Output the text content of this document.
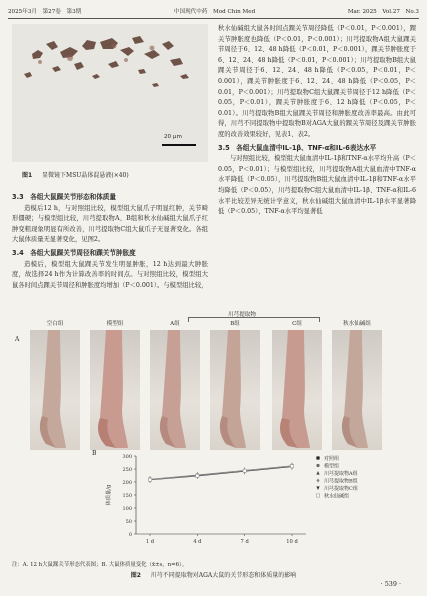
2025年3月　第27卷　第3期	中国现代中药　Mod Chin Med	Mar. 2025　Vol.27　No.3
20 μm
图1 　 显微镜下MSU晶体混悬液(×40)
3.3　各组大鼠踝关节形态和体质量

造模后12 h，与对照组比较，模型组大鼠爪子明显红肿，关节畸形僵硬；与模型组比较，川芎提取物A、B组和秋水仙碱组大鼠爪子红肿变粗现象明显有所改善，川芎提取物C组大鼠爪子无显著变化。各组大鼠体质量无显著变化，见图2。

3.4　各组大鼠踝关节周径和踝关节肿胀度

造模后，模型组大鼠踝关节发生明显肿胀，12 h达到最大肿胀度，故选择24 h作为计算改善率的时间点。与对照组比较，模型组大鼠各时间点踝关节周径和肿胀度均增加（P＜0.001）。与模型组比较，

秋水仙碱组大鼠各时间点踝关节周径降低（P＜0.01，P＜0.001），踝关节肿胀度也降低（P＜0.01，P＜0.001）；川芎提取物A组大鼠踝关节周径于6、12、48 h降低（P＜0.01，P＜0.001），踝关节肿胀度于6、12、24、48 h降低（P＜0.01，P＜0.001）；川芎提取物B组大鼠踝关节周径于6、12、24、48 h降低（P＜0.05，P＜0.01，P＜0.001），踝关节肿胀度于6、12、24、48 h降低（P＜0.05，P＜0.01，P＜0.001）；川芎提取物C组大鼠踝关节周径于12 h降低（P＜0.05，P＜0.01），踝关节肿胀度于6、12 h降低（P＜0.05，P＜0.01）。川芎提取物B组大鼠踝关节周径和肿胀度改善率最高。由此可得，川芎不同提取物中提取物B对AGA大鼠的踝关节周径及踝关节肿胀度的改善效果较好，见表1、表2。

3.5　各组大鼠血清中IL-1β、TNF-α和IL-6表达水平

与对照组比较，模型组大鼠血清中IL-1β和TNF-α水平均升高（P＜0.05，P＜0.01）；与模型组比较，川芎提取物A组大鼠血清中TNF-α水平降低（P＜0.05），川芎提取物B组大鼠血清中IL-1β和TNF-α水平均降低（P＜0.05），川芎提取物C组大鼠血清中IL-1β、TNF-α和IL-6水平比较差异无统计学意义，秋水仙碱组大鼠血清中IL-1β水平显著降低（P＜0.05），TNF-α水平均显著低

A
川芎提取物
空白组	模型组	A组	B组	C组	秋水仙碱组
B
0
50
100
150
200
250
300
1 d	4 d	7 d	10 d
体质量/g
对照组
模型组
川芎提取物A组
川芎提取物B组
川芎提取物C组
秋水仙碱组
注：A. 12 h大鼠踝关节形态代表图；B. 大鼠体质量变化（x̄±s，n=6）。
图2 　 川芎不同提取物对AGA大鼠的关节形态和体质量的影响
· 539 ·
